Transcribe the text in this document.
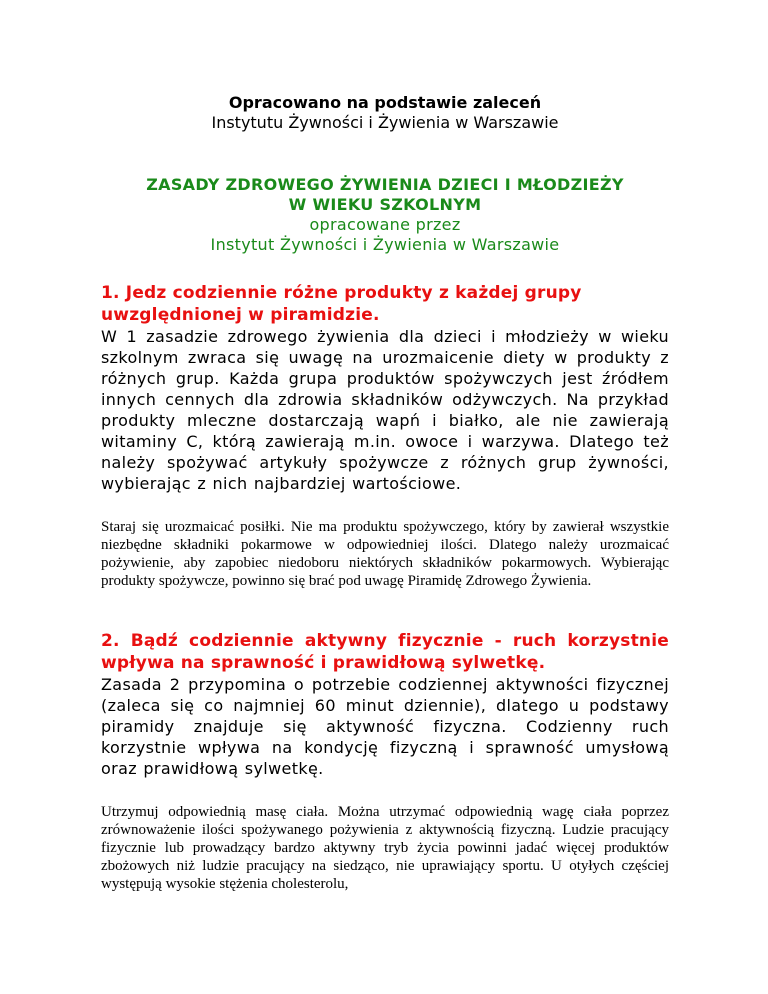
Opracowano na podstawie zaleceń
Instytutu Żywności i Żywienia w Warszawie
ZASADY ZDROWEGO ŻYWIENIA DZIECI I MŁODZIEŻY
W WIEKU SZKOLNYM
opracowane przez
Instytut Żywności i Żywienia w Warszawie
1. Jedz codziennie różne produkty z każdej grupy uwzględnionej w piramidzie.
W 1 zasadzie zdrowego żywienia dla dzieci i młodzieży w wieku szkolnym zwraca się uwagę na urozmaicenie diety w produkty z różnych grup. Każda grupa produktów spożywczych jest źródłem innych cennych dla zdrowia składników odżywczych. Na przykład produkty mleczne dostarczają wapń i białko, ale nie zawierają witaminy C, którą zawierają m.in. owoce i warzywa. Dlatego też należy spożywać artykuły spożywcze z różnych grup żywności, wybierając z nich najbardziej wartościowe.
Staraj się urozmaicać posiłki. Nie ma produktu spożywczego, który by zawierał wszystkie niezbędne składniki pokarmowe w odpowiedniej ilości. Dlatego należy urozmaicać pożywienie, aby zapobiec niedoboru niektórych składników pokarmowych. Wybierając produkty spożywcze, powinno się brać pod uwagę Piramidę Zdrowego Żywienia.
2. Bądź codziennie aktywny fizycznie - ruch korzystnie wpływa na sprawność i prawidłową sylwetkę.
Zasada 2 przypomina o potrzebie codziennej aktywności fizycznej (zaleca się co najmniej 60 minut dziennie), dlatego u podstawy piramidy znajduje się aktywność fizyczna. Codzienny ruch korzystnie wpływa na kondycję fizyczną i sprawność umysłową oraz prawidłową sylwetkę.
Utrzymuj odpowiednią masę ciała. Można utrzymać odpowiednią wagę ciała poprzez zrównoważenie ilości spożywanego pożywienia z aktywnością fizyczną. Ludzie pracujący fizycznie lub prowadzący bardzo aktywny tryb życia powinni jadać więcej produktów zbożowych niż ludzie pracujący na siedząco, nie uprawiający sportu. U otyłych częściej występują wysokie stężenia cholesterolu,
